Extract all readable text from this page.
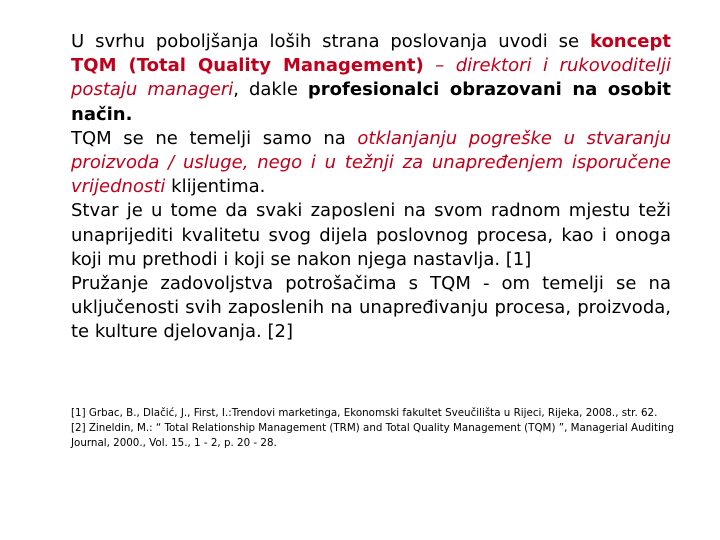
U svrhu poboljšanja loših strana poslovanja uvodi se koncept TQM (Total Quality Management) – direktori i rukovoditelji postaju manageri, dakle profesionalci obrazovani na osobit način.

TQM se ne temelji samo na otklanjanju pogreške u stvaranju proizvoda / usluge, nego i u težnji za unapređenjem isporučene vrijednosti klijentima.

Stvar je u tome da svaki zaposleni na svom radnom mjestu teži unaprijediti kvalitetu svog dijela poslovnog procesa, kao i onoga koji mu prethodi i koji se nakon njega nastavlja. [1]

Pružanje zadovoljstva potrošačima s TQM - om temelji se na uključenosti svih zaposlenih na unapređivanju procesa, proizvoda, te kulture djelovanja. [2]

[1] Grbac, B., Dlačić, J., First, I.:Trendovi marketinga, Ekonomski fakultet Sveučilišta u Rijeci, Rijeka, 2008., str. 62.

[2] Zineldin, M.: “ Total Relationship Management (TRM) and Total Quality Management (TQM) ”, Managerial Auditing Journal, 2000., Vol. 15., 1 - 2, p. 20 - 28.
